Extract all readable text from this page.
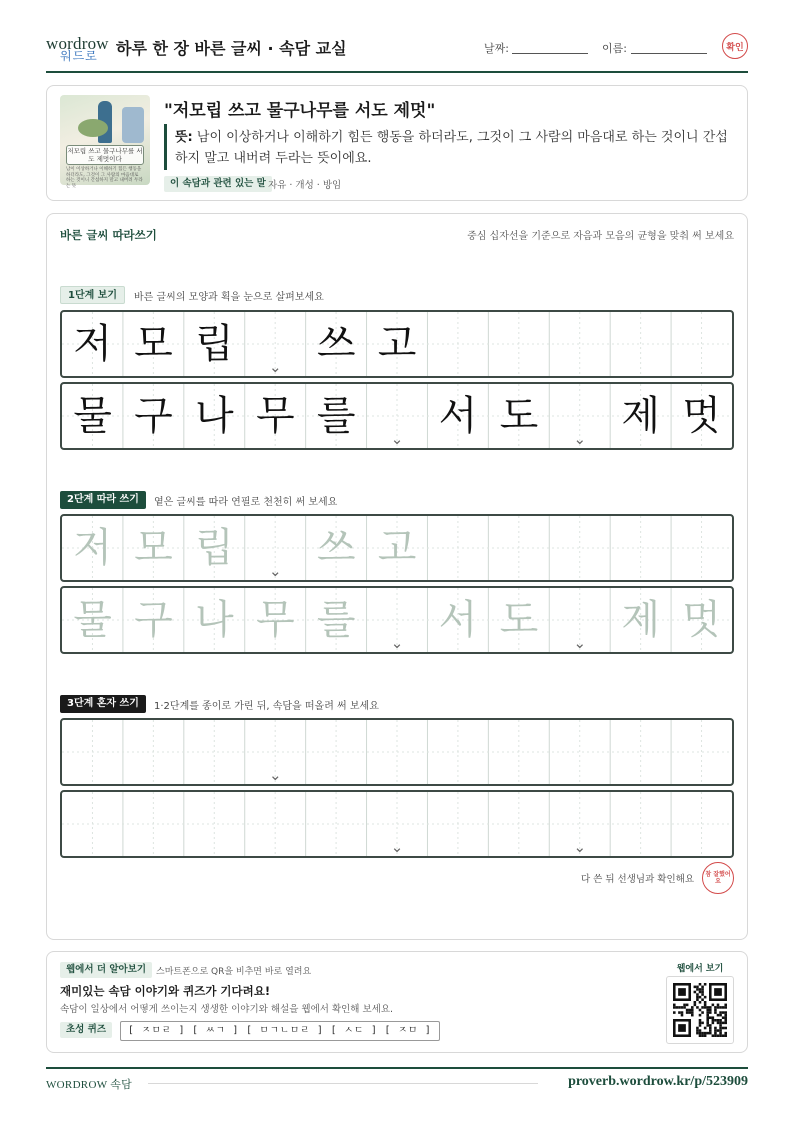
wordrow
워드로 하루 한 장 바른 글씨 · 속담 교실	날짜:	이름:	확인
저모립 쓰고 물구나무를 서도 제멋이다
남이 이상하거나 이해하기 힘든 행동을 하더라도, 그것이 그 사람의 마음대로 하는 것이니 간섭하지 말고 내버려 두라는 뜻
"저모립 쓰고 물구나무를 서도 제멋"
뜻: 남이 이상하거나 이해하기 힘든 행동을 하더라도, 그것이 그 사람의 마음대로 하는 것이니 간섭하지 말고 내버려 두라는 뜻이에요.
이 속담과 관련 있는 말 자유 · 개성 · 방임
바른 글씨 따라쓰기	중심 십자선을 기준으로 자음과 모음의 균형을 맞춰 써 보세요
1단계 보기	바른 글씨의 모양과 획을 눈으로 살펴보세요
2단계 따라 쓰기	옅은 글씨를 따라 연필로 천천히 써 보세요
3단계 혼자 쓰기	1·2단계를 종이로 가린 뒤, 속담을 떠올려 써 보세요
저 모 립	⌄ 쓰 고
물 구 나 무 를	⌄ 서 도	⌄ 제 멋
저 모 립	⌄ 쓰 고
물 구 나 무 를	⌄ 서 도	⌄ 제 멋
⌄
⌄	⌄
다 쓴 뒤 선생님과 확인해요	참 잘했어요
웹에서 더 알아보기	스마트폰으로 QR을 비추면 바로 열려요
재미있는 속담 이야기와 퀴즈가 기다려요!
속담이 일상에서 어떻게 쓰이는지 생생한 이야기와 해설을 웹에서 확인해 보세요.
초성 퀴즈	[ ㅈㅁㄹ ] [ ㅆㄱ ] [ ㅁㄱㄴㅁㄹ ] [ ㅅㄷ ] [ ㅈㅁ ]
웹에서 보기
WORDROW 속담	proverb.wordrow.kr/p/523909
